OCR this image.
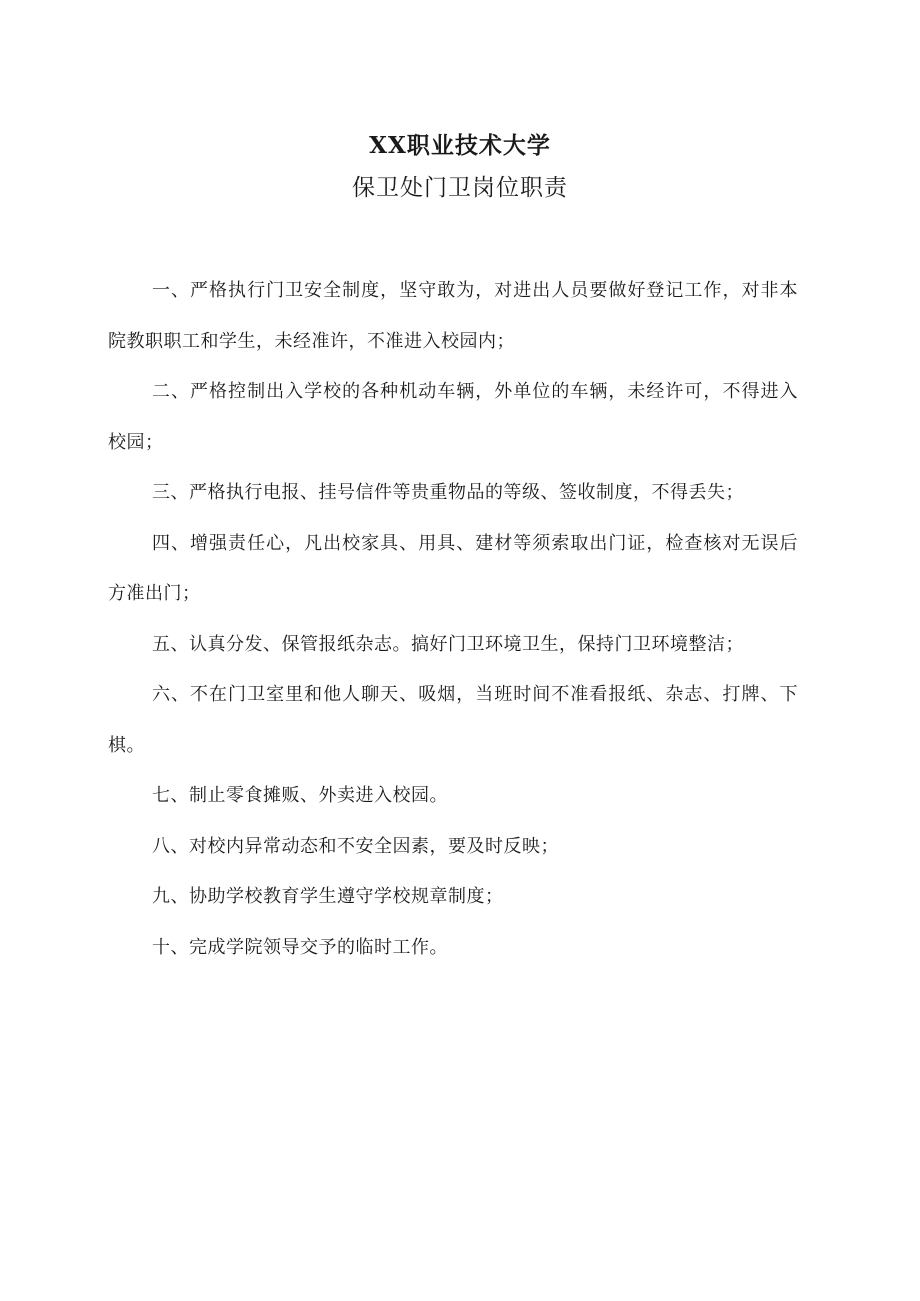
XX职业技术大学
保卫处门卫岗位职责

一、严格执行门卫安全制度，坚守敢为，对进出人员要做好登记工作，对非本院教职职工和学生，未经准许，不准进入校园内；

二、严格控制出入学校的各种机动车辆，外单位的车辆，未经许可，不得进入校园；

三、严格执行电报、挂号信件等贵重物品的等级、签收制度，不得丢失；

四、增强责任心，凡出校家具、用具、建材等须索取出门证，检查核对无误后方准出门；

五、认真分发、保管报纸杂志。搞好门卫环境卫生，保持门卫环境整洁；

六、不在门卫室里和他人聊天、吸烟，当班时间不准看报纸、杂志、打牌、下棋。

七、制止零食摊贩、外卖进入校园。

八、对校内异常动态和不安全因素，要及时反映；

九、协助学校教育学生遵守学校规章制度；

十、完成学院领导交予的临时工作。
